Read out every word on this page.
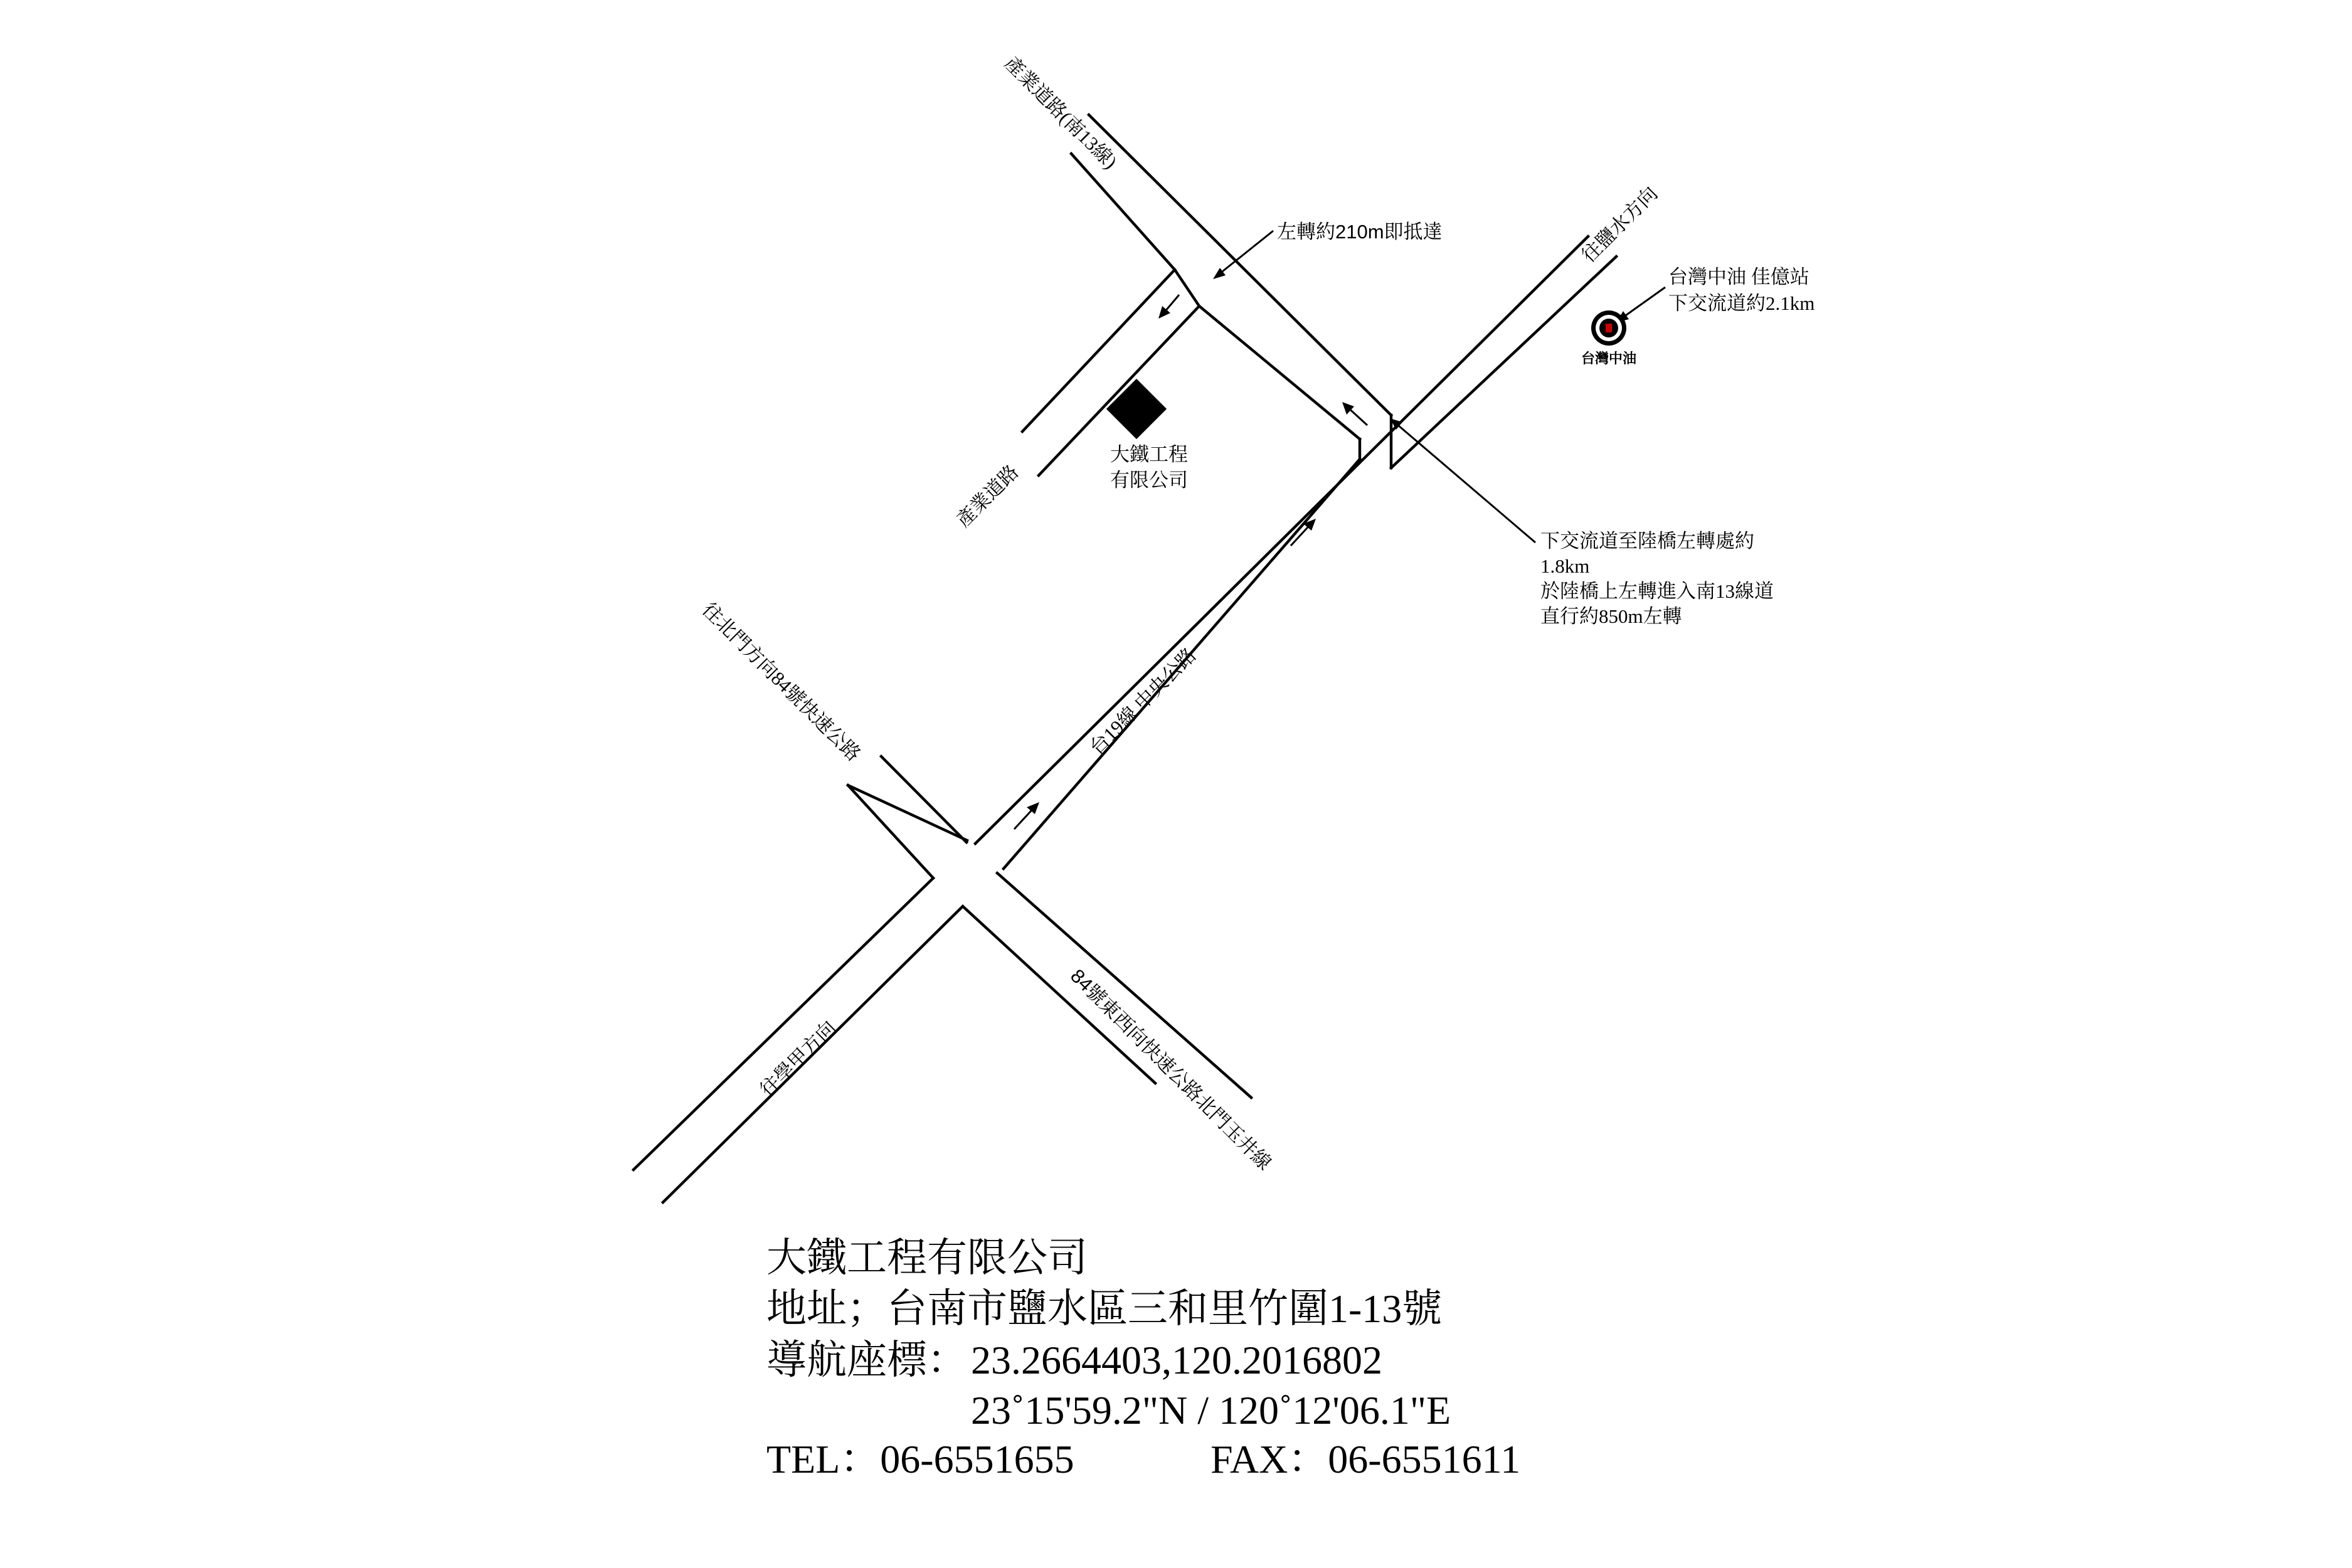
台灣中油
產業道路(南13線)
產業道路
往鹽水方向
往北門方向84號快速公路	台19線 中央公路
往學甲方向	84號東西向快速公路北門玉井線
左轉約210m即抵達
台灣中油 佳億站
下交流道約2.1km
下交流道至陸橋左轉處約
1.8km
於陸橋上左轉進入南13線道
直行約850m左轉
大鐵工程
有限公司
大鐵工程有限公司
地址；台南市鹽水區三和里竹圍1-13號
導航座標： 23.2664403,120.2016802
23˚15'59.2"N / 120˚12'06.1"E
TEL：06-6551655	FAX：06-6551611
